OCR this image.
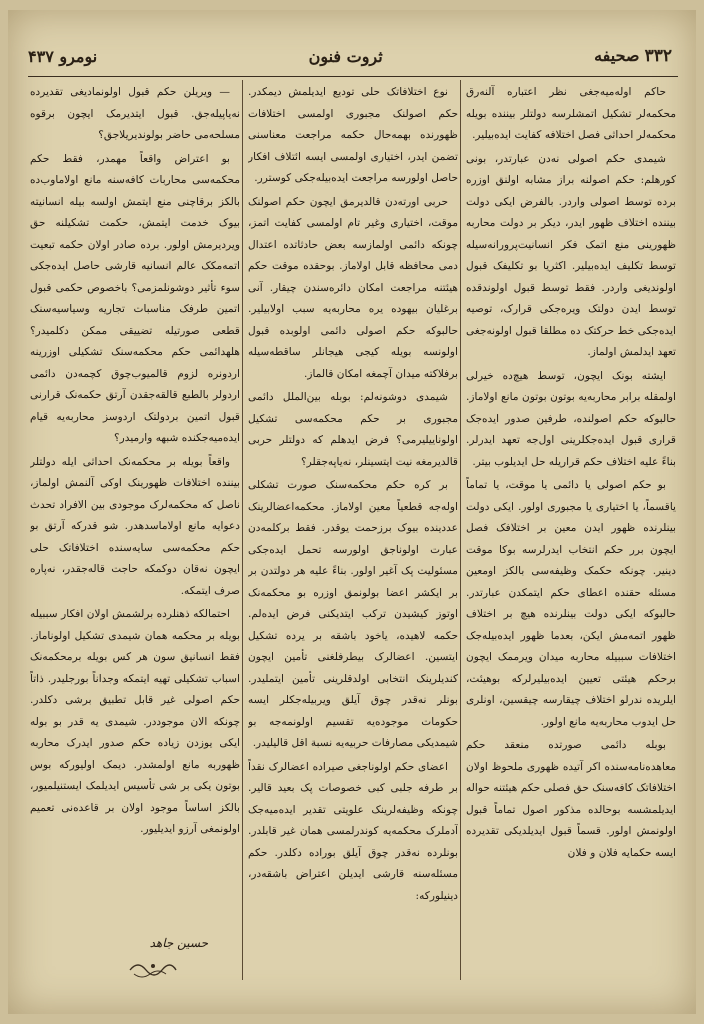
۳۳۲ صحیفه
ثروت فنون
نومرو ۴۳۷

حاکم اوله‌میه‌جغی نظر اعتباره آلنه‌رق محکمه‌لر تشکیل اتمشلرسه دولتلر بیننده بویله محکمه‌لر احداثی فصل اختلافه کفایت ایده‌بیلیر.

شیمدی حکم اصولی نه‌دن عبارتدر، بونی کورهلم: حکم اصولنه براز مشابه اولنق اوزره برده توسط اصولی واردر. بالفرض ایکی دولت بیننده اختلاف ظهور ایدر، دیکر بر دولت محاربه ظهورینی منع اتمک فکر انسانیت‌پرورانه‌سیله توسط تکلیف ایده‌بیلیر. اکثریا بو تکلیفک قبول اولوندیغی واردر. فقط توسط قبول اولوندقده توسط ایدن دولتک ویره‌جکی قرارک، توصیه ایده‌جکی خط حرکتک ده مطلقا قبول اولونه‌جغی تعهد ایدلمش اولماز.

ایشته بونک ایچون، توسط هیچ‌ده خیرلی اولمقله برابر محاربه‌یه بوتون بوتون مانع اولاماز. حالبوکه حکم اصولنده، طرفین صدور ایده‌جک قراری قبول ایده‌جکلرینی اول‌جه تعهد ایدرلر. بناءً علیه اختلاف حکم قراریله حل ایدیلوب بیتر.

بو حکم اصولی یا دائمی یا موقت، یا تماماً یاقسماً، یا اختیاری یا مجبوری اولور. ایکی دولت بینلرنده ظهور ایدن معین بر اختلافک فصل ایچون برر حکم انتخاب ایدرلرسه بوکا موقت دینیر. چونکه حکمک وظیفه‌سی بالکز اومعین مسئله حقنده اعطای حکم ایتمکدن عبارتدر. حالبوکه ایکی دولت بینلرنده هیچ بر اختلاف ظهور اتمه‌مش ایکن، بعدما ظهور ایده‌بیله‌جک اختلافات سببیله محاربه میدان ویرممک ایچون برحکم هیئتی تعیین ایده‌بیلیرلرکه بوهیئت، ایلریده ندرلو اختلاف چیقارسه چیقسین، اونلری حل ایدوب محاربه‌یه مانع اولور.

بوبله دائمی صورتده منعقد حکم معاهده‌نامه‌سنده اکر آتیده ظهوری ملحوظ اولان اختلافاتک کافه‌سنک حق فصلی حکم هیئتنه حواله ایدیلمشسه بوحالده مذکور اصول تماماً قبول اولونمش اولور. قسماً قبول ایدیلدیکی تقدیرده ایسه حکمایه فلان و فلان

نوع اختلافاتک حلی تودیع ایدیلمش دیمکدر. حکم اصولنک مجبوری اولمسی اختلافات ظهورنده بهمه‌حال حکمه مراجعت معناسنی تضمن ایدر، اختیاری اولمسی ایسه ائتلاف افکار حاصل اولورسه مراجعت ایده‌بیله‌جکی کوسترر.

حربی اورته‌دن قالدیرمق ایچون حکم اصولنک موقت، اختیاری وغیر تام اولمسی کفایت اتمز، چونکه دائمی اولمازسه بعض حادثاتده اعتدال دمی محافظه قابل اولاماز. بوحقده موقت حکم هیئتنه مراجعت امکان دائره‌سندن چیقار. آنی برغلیان بیهوده یره محاربه‌یه سبب اولابیلیر. حالبوکه حکم اصولی دائمی اولوبده قبول اولونسه بویله کیجی هیجانلر ساقطه‌سیله برفلاکته میدان آچمغه امکان قالماز.

شیمدی دوشونه‌لم: بوبله بین‌الملل دائمی مجبوری بر حکم محکمه‌سی تشکیل اولوناییلیرمی؟ فرض ایدهلم که دولتلر حربی قالدیرمغه نیت ایتسینلر، نه‌یاپه‌جقلر؟

بر کره حکم محکمه‌سنک صورت تشکلی اوله‌جه قطعیاً معین اولاماز. محکمه‌اعضالرینک عددینده بیوک برزحمت یوقدر. فقط برکلمه‌دن عبارت اولوناجق اولورسه تحمل ایده‌جکی مسئولیت پک آغیر اولور. بناءً علیه هر دولتدن بر بر ایکشر اعضا بولونمق اوزره بو محکمه‌نک اوتوز کیشیدن ترکب ایتدیکنی فرض ایده‌لم. حکمه لاهیده، یاخود باشقه بر یرده تشکیل ایتسین. اعضالرک بیطرفلغنی تأمین ایچون کندیلرینک انتخابی اولدقلرینی تأمین ایتملیدر. بونلر نه‌قدر چوق آیلق ویربیله‌جکلر ایسه حکومات موجوده‌یه تقسیم اولونمه‌جه بو شیمدیکی مصارفات حربیه‌یه نسبة اقل قالیلیدر.

اعضای حکم اولوناجغی صیراده اعضالرک نقداً بر طرفه جلبی کبی خصوصات پک بعید قالیر. چونکه وظیفه‌لرینک علویتی تقدیر ایده‌میه‌جک آدملرک محکمه‌یه کوندرلمسی همان غیر قابلدر. بونلرده نه‌قدر چوق آیلق بوراده دکلدر. حکم مسئله‌سنه قارشی ایدیلن اعتراض باشقه‌در، دینیلورکه:

— ویریلن حکم قبول اولونمادیغی تقدیرده نه‌یاپیله‌جق. قبول ایتدیرمک ایچون برقوه مسلحه‌می حاضر بولوندیریلاجق؟

بو اعتراض واقعاً مهمدر، فقط حکم محکمه‌سی محاربات کافه‌سنه مانع اولاماوب‌ده بالکز برقاچنی منع ایتمش اولسه بیله انسانیته بیوک خدمت ایتمش، حکمت تشکیلنه حق ویردیرمش اولور. برده صادر اولان حکمه تبعیت اتمه‌مکک عالم انسانیه قارشی حاصل ایده‌جکی سوء تأثیر دوشونلمزمی؟ باخصوص حکمی قبول اتمین طرفک مناسبات تجاریه وسیاسیه‌سنک قطعی صورتیله تضییقی ممکن دکلمیدر؟ هلهدائمی حکم محکمه‌سنک تشکیلی اوزرینه اردونره لزوم قالمیوب‌چوق کچمه‌دن دائمی اردولر بالطبع قالقه‌جقدن آرتق حکمه‌نک قرارنی قبول اتمین بردولتک اردوسز محاربه‌یه قیام ایده‌میه‌جکنده شبهه وارمیدر؟

واقعاً بویله بر محکمه‌نک احداثی ایله دولتلر بیننده اختلافات ظهورینک اوکی آلنمش اولماز، ناصل که محکمه‌لرک موجودی بین الافراد تحدث دعوایه مانع اولاماسدهدر. شو قدرکه آرتق بو حکم محکمه‌سی سایه‌سنده اختلافاتک حلی ایچون نه‌قان دوکمکه حاجت قاله‌جقدر، نه‌پاره صرف ایتمکه.

احتمالکه ذهنلرده برلشمش اولان افکار سببیله بویله بر محکمه همان شیمدی تشکیل اولوناماز. فقط انسانیق سون هر کس بویله برمحکمه‌نک اسباب تشکیلی تهیه ایتمکه وجداناً بورجلیدر. ذاتاً حکم اصولی غیر قابل تطبیق برشی دکلدر. چونکه الان موجوددر. شیمدی یه قدر بو بوله ایکی یوزدن زیاده حکم صدور ایدرک محاربه ظهوربه مانع اولمشدر. دیمک اولیورکه بوس بوتون یکی بر شی تأسیس ایدیلمک ایستنیلمیور، بالکز اساساً موجود اولان بر قاعده‌نی تعمیم اولونمغی آرزو ایدیلیور.

حسین جاهد
